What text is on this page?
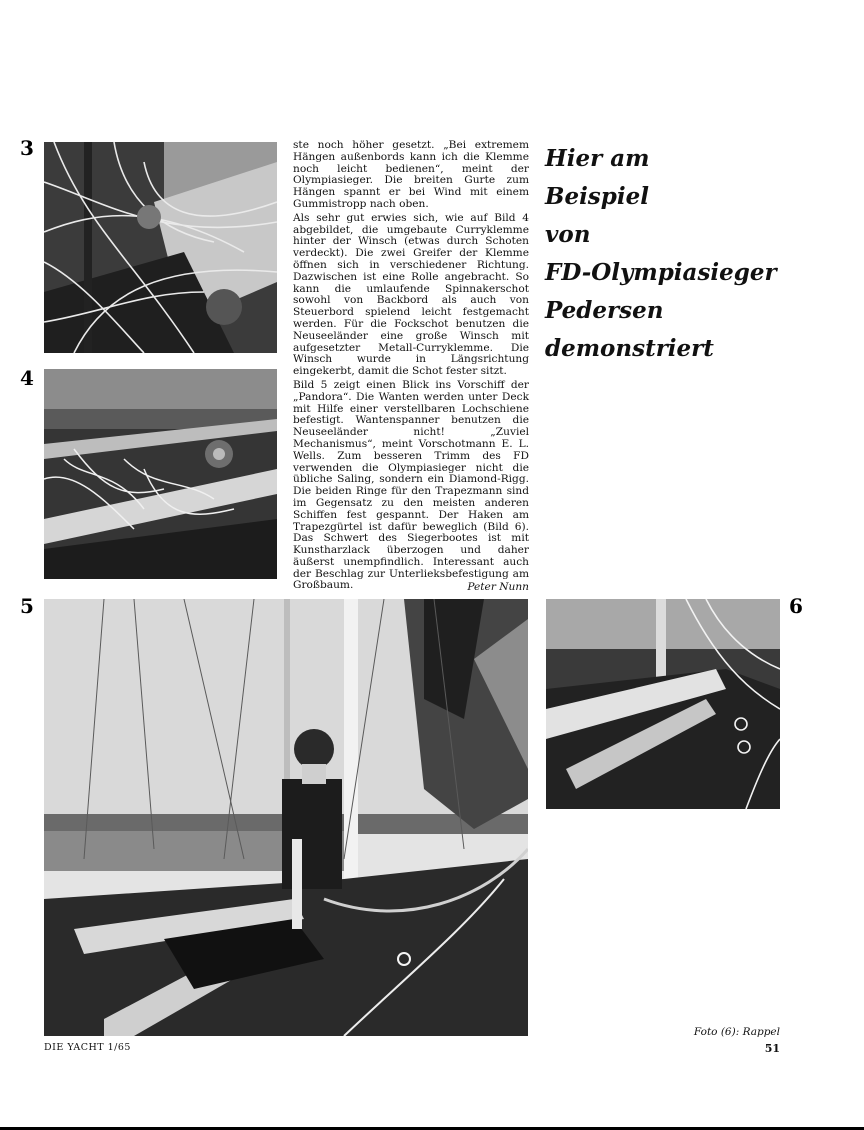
3
4
5	6

ste noch höher gesetzt. „Bei extremem Hängen außenbords kann ich die Klemme noch leicht bedienen“, meint der Olympiasieger. Die breiten Gurte zum Hängen spannt er bei Wind mit einem Gummistropp nach oben.

Als sehr gut erwies sich, wie auf Bild 4 abgebildet, die umgebaute Curryklemme hinter der Winsch (etwas durch Schoten verdeckt). Die zwei Greifer der Klemme öffnen sich in verschiedener Richtung. Dazwischen ist eine Rolle angebracht. So kann die umlaufende Spinnakerschot sowohl von Backbord als auch von Steuerbord spielend leicht festgemacht werden. Für die Fockschot benutzen die Neuseeländer eine große Winsch mit aufgesetzter Metall-Curryklemme. Die Winsch wurde in Längsrichtung eingekerbt, damit die Schot fester sitzt.

Bild 5 zeigt einen Blick ins Vorschiff der „Pandora“. Die Wanten werden unter Deck mit Hilfe einer verstellbaren Lochschiene befestigt. Wantenspanner benutzen die Neuseeländer nicht! „Zuviel Mechanismus“, meint Vorschotmann E. L. Wells. Zum besseren Trimm des FD verwenden die Olympiasieger nicht die übliche Saling, sondern ein Diamond-Rigg. Die beiden Ringe für den Trapezmann sind im Gegensatz zu den meisten anderen Schiffen fest gespannt. Der Haken am Trapezgürtel ist dafür beweglich (Bild 6). Das Schwert des Siegerbootes ist mit Kunstharzlack überzogen und daher äußerst unempfindlich. Interessant auch der Beschlag zur Unterlieksbefestigung am Großbaum.	Peter Nunn
Hier am
Beispiel
von
FD-Olympiasieger
Pedersen
demonstriert
Foto (6): Rappel
DIE YACHT 1/65	51
